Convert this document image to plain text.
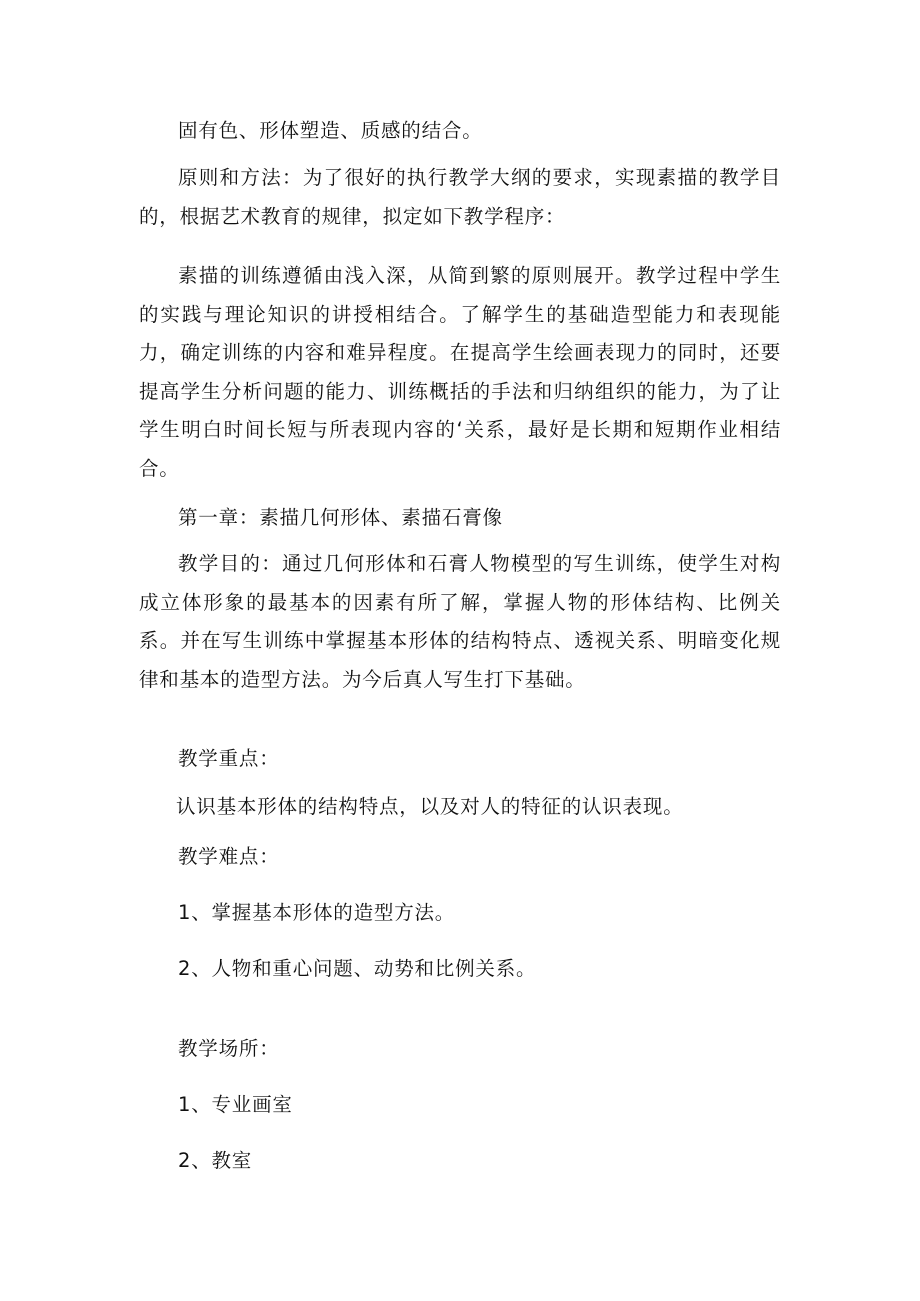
固有色、形体塑造、质感的结合。

原则和方法：为了很好的执行教学大纲的要求，实现素描的教学目的，根据艺术教育的规律，拟定如下教学程序：

素描的训练遵循由浅入深，从简到繁的原则展开。教学过程中学生的实践与理论知识的讲授相结合。了解学生的基础造型能力和表现能力，确定训练的内容和难异程度。在提高学生绘画表现力的同时，还要提高学生分析问题的能力、训练概括的手法和归纳组织的能力，为了让学生明白时间长短与所表现内容的‘关系，最好是长期和短期作业相结合。

第一章：素描几何形体、素描石膏像

教学目的：通过几何形体和石膏人物模型的写生训练，使学生对构成立体形象的最基本的因素有所了解，掌握人物的形体结构、比例关系。并在写生训练中掌握基本形体的结构特点、透视关系、明暗变化规律和基本的造型方法。为今后真人写生打下基础。

教学重点：

认识基本形体的结构特点，以及对人的特征的认识表现。

教学难点：

1、掌握基本形体的造型方法。

2、人物和重心问题、动势和比例关系。

教学场所：

1、专业画室

2、教室
